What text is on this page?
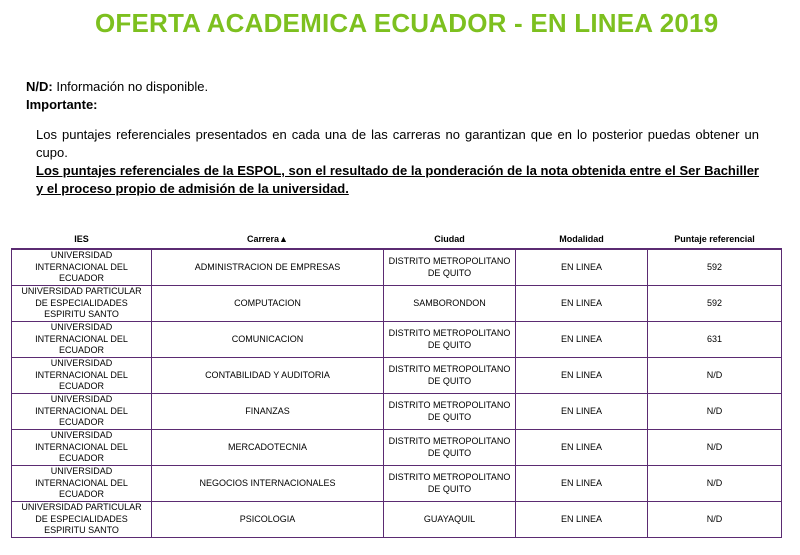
OFERTA ACADEMICA ECUADOR - EN LINEA 2019
N/D: Información no disponible.
Importante:
Los puntajes referenciales presentados en cada una de las carreras no garantizan que en lo posterior puedas obtener un cupo.
Los puntajes referenciales de la ESPOL, son el resultado de la ponderación de la nota obtenida entre el Ser Bachiller y el proceso propio de admisión de la universidad.
IES	Carrera▲	Ciudad	Modalidad	Puntaje referencial
UNIVERSIDAD INTERNACIONAL DEL ECUADOR	ADMINISTRACION DE EMPRESAS	DISTRITO METROPOLITANO DE QUITO	EN LINEA	592
UNIVERSIDAD PARTICULAR DE ESPECIALIDADES ESPIRITU SANTO	COMPUTACION	SAMBORONDON	EN LINEA	592
UNIVERSIDAD INTERNACIONAL DEL ECUADOR	COMUNICACION	DISTRITO METROPOLITANO DE QUITO	EN LINEA	631
UNIVERSIDAD INTERNACIONAL DEL ECUADOR	CONTABILIDAD Y AUDITORIA	DISTRITO METROPOLITANO DE QUITO	EN LINEA	N/D
UNIVERSIDAD INTERNACIONAL DEL ECUADOR	FINANZAS	DISTRITO METROPOLITANO DE QUITO	EN LINEA	N/D
UNIVERSIDAD INTERNACIONAL DEL ECUADOR	MERCADOTECNIA	DISTRITO METROPOLITANO DE QUITO	EN LINEA	N/D
UNIVERSIDAD INTERNACIONAL DEL ECUADOR	NEGOCIOS INTERNACIONALES	DISTRITO METROPOLITANO DE QUITO	EN LINEA	N/D
UNIVERSIDAD PARTICULAR DE ESPECIALIDADES ESPIRITU SANTO	PSICOLOGIA	GUAYAQUIL	EN LINEA	N/D
